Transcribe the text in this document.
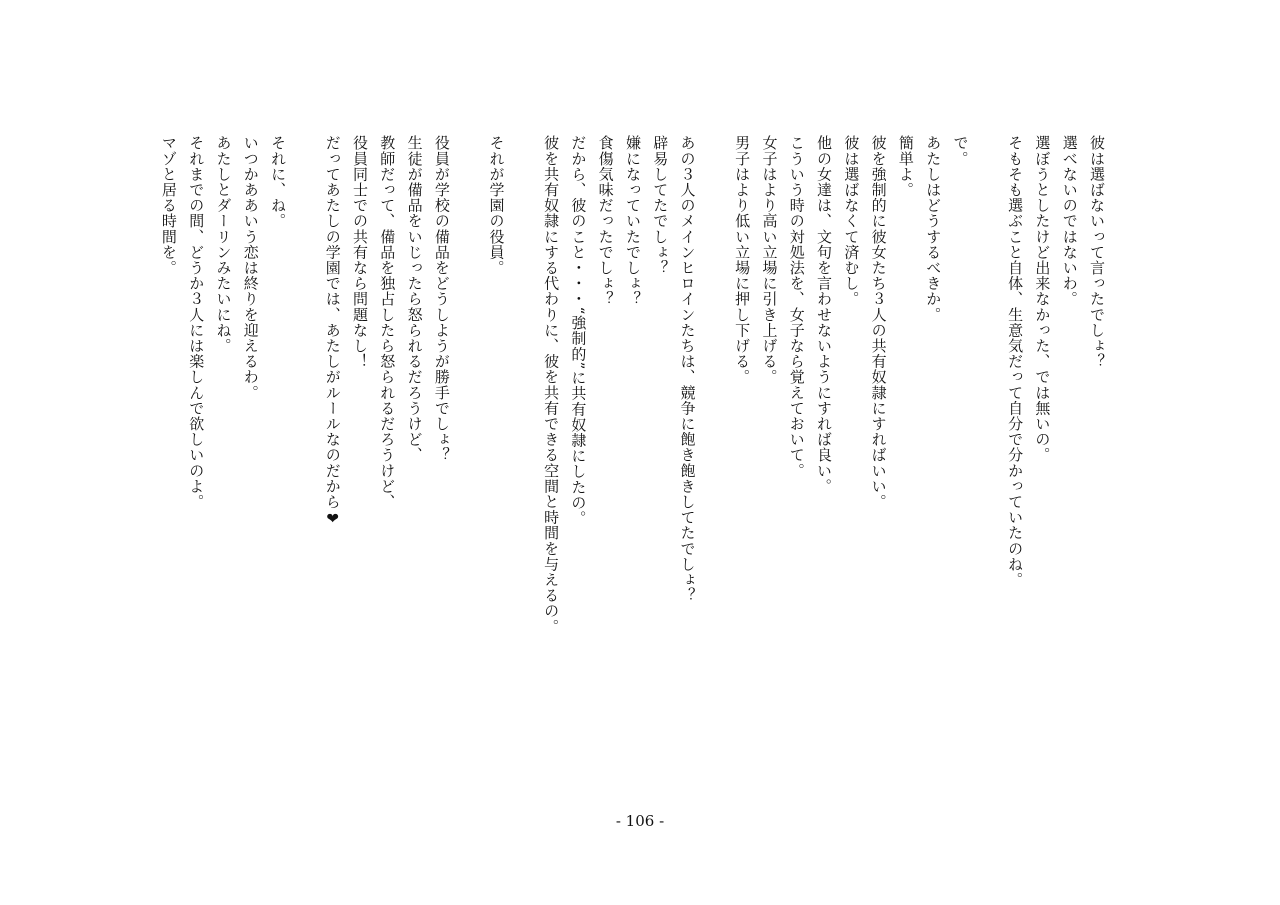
彼は選ばないって言ったでしょ？
選べないのではないわ。
選ぼうとしたけど出来なかった、では無いの。
そもそも選ぶこと自体、生意気だって自分で分かっていたのね。
で。
あたしはどうするべきか。
簡単よ。
彼を強制的に彼女たち３人の共有奴隷にすればいい。
彼は選ばなくて済むし。
他の女達は、文句を言わせないようにすれば良い。
こういう時の対処法を、女子なら覚えておいて。
女子はより高い立場に引き上げる。
男子はより低い立場に押し下げる。
あの３人のメインヒロインたちは、競争に飽き飽きしてたでしょ？
辟易してたでしょ？
嫌になっていたでしょ？
食傷気味だったでしょ？
だから、彼のこと・・・“強制的”に共有奴隷にしたの。
彼を共有奴隷にする代わりに、彼を共有できる空間と時間を与えるの。
それが学園の役員。
役員が学校の備品をどうしようが勝手でしょ？
生徒が備品をいじったら怒られるだろうけど、
教師だって、備品を独占したら怒られるだろうけど、
役員同士での共有なら問題なし！
だってあたしの学園では、あたしがルールなのだから❤
それに、ね。
いつかああいう恋は終りを迎えるわ。
あたしとダーリンみたいにね。
それまでの間、どうか３人には楽しんで欲しいのよ。
マゾと居る時間を。
- 106 -
